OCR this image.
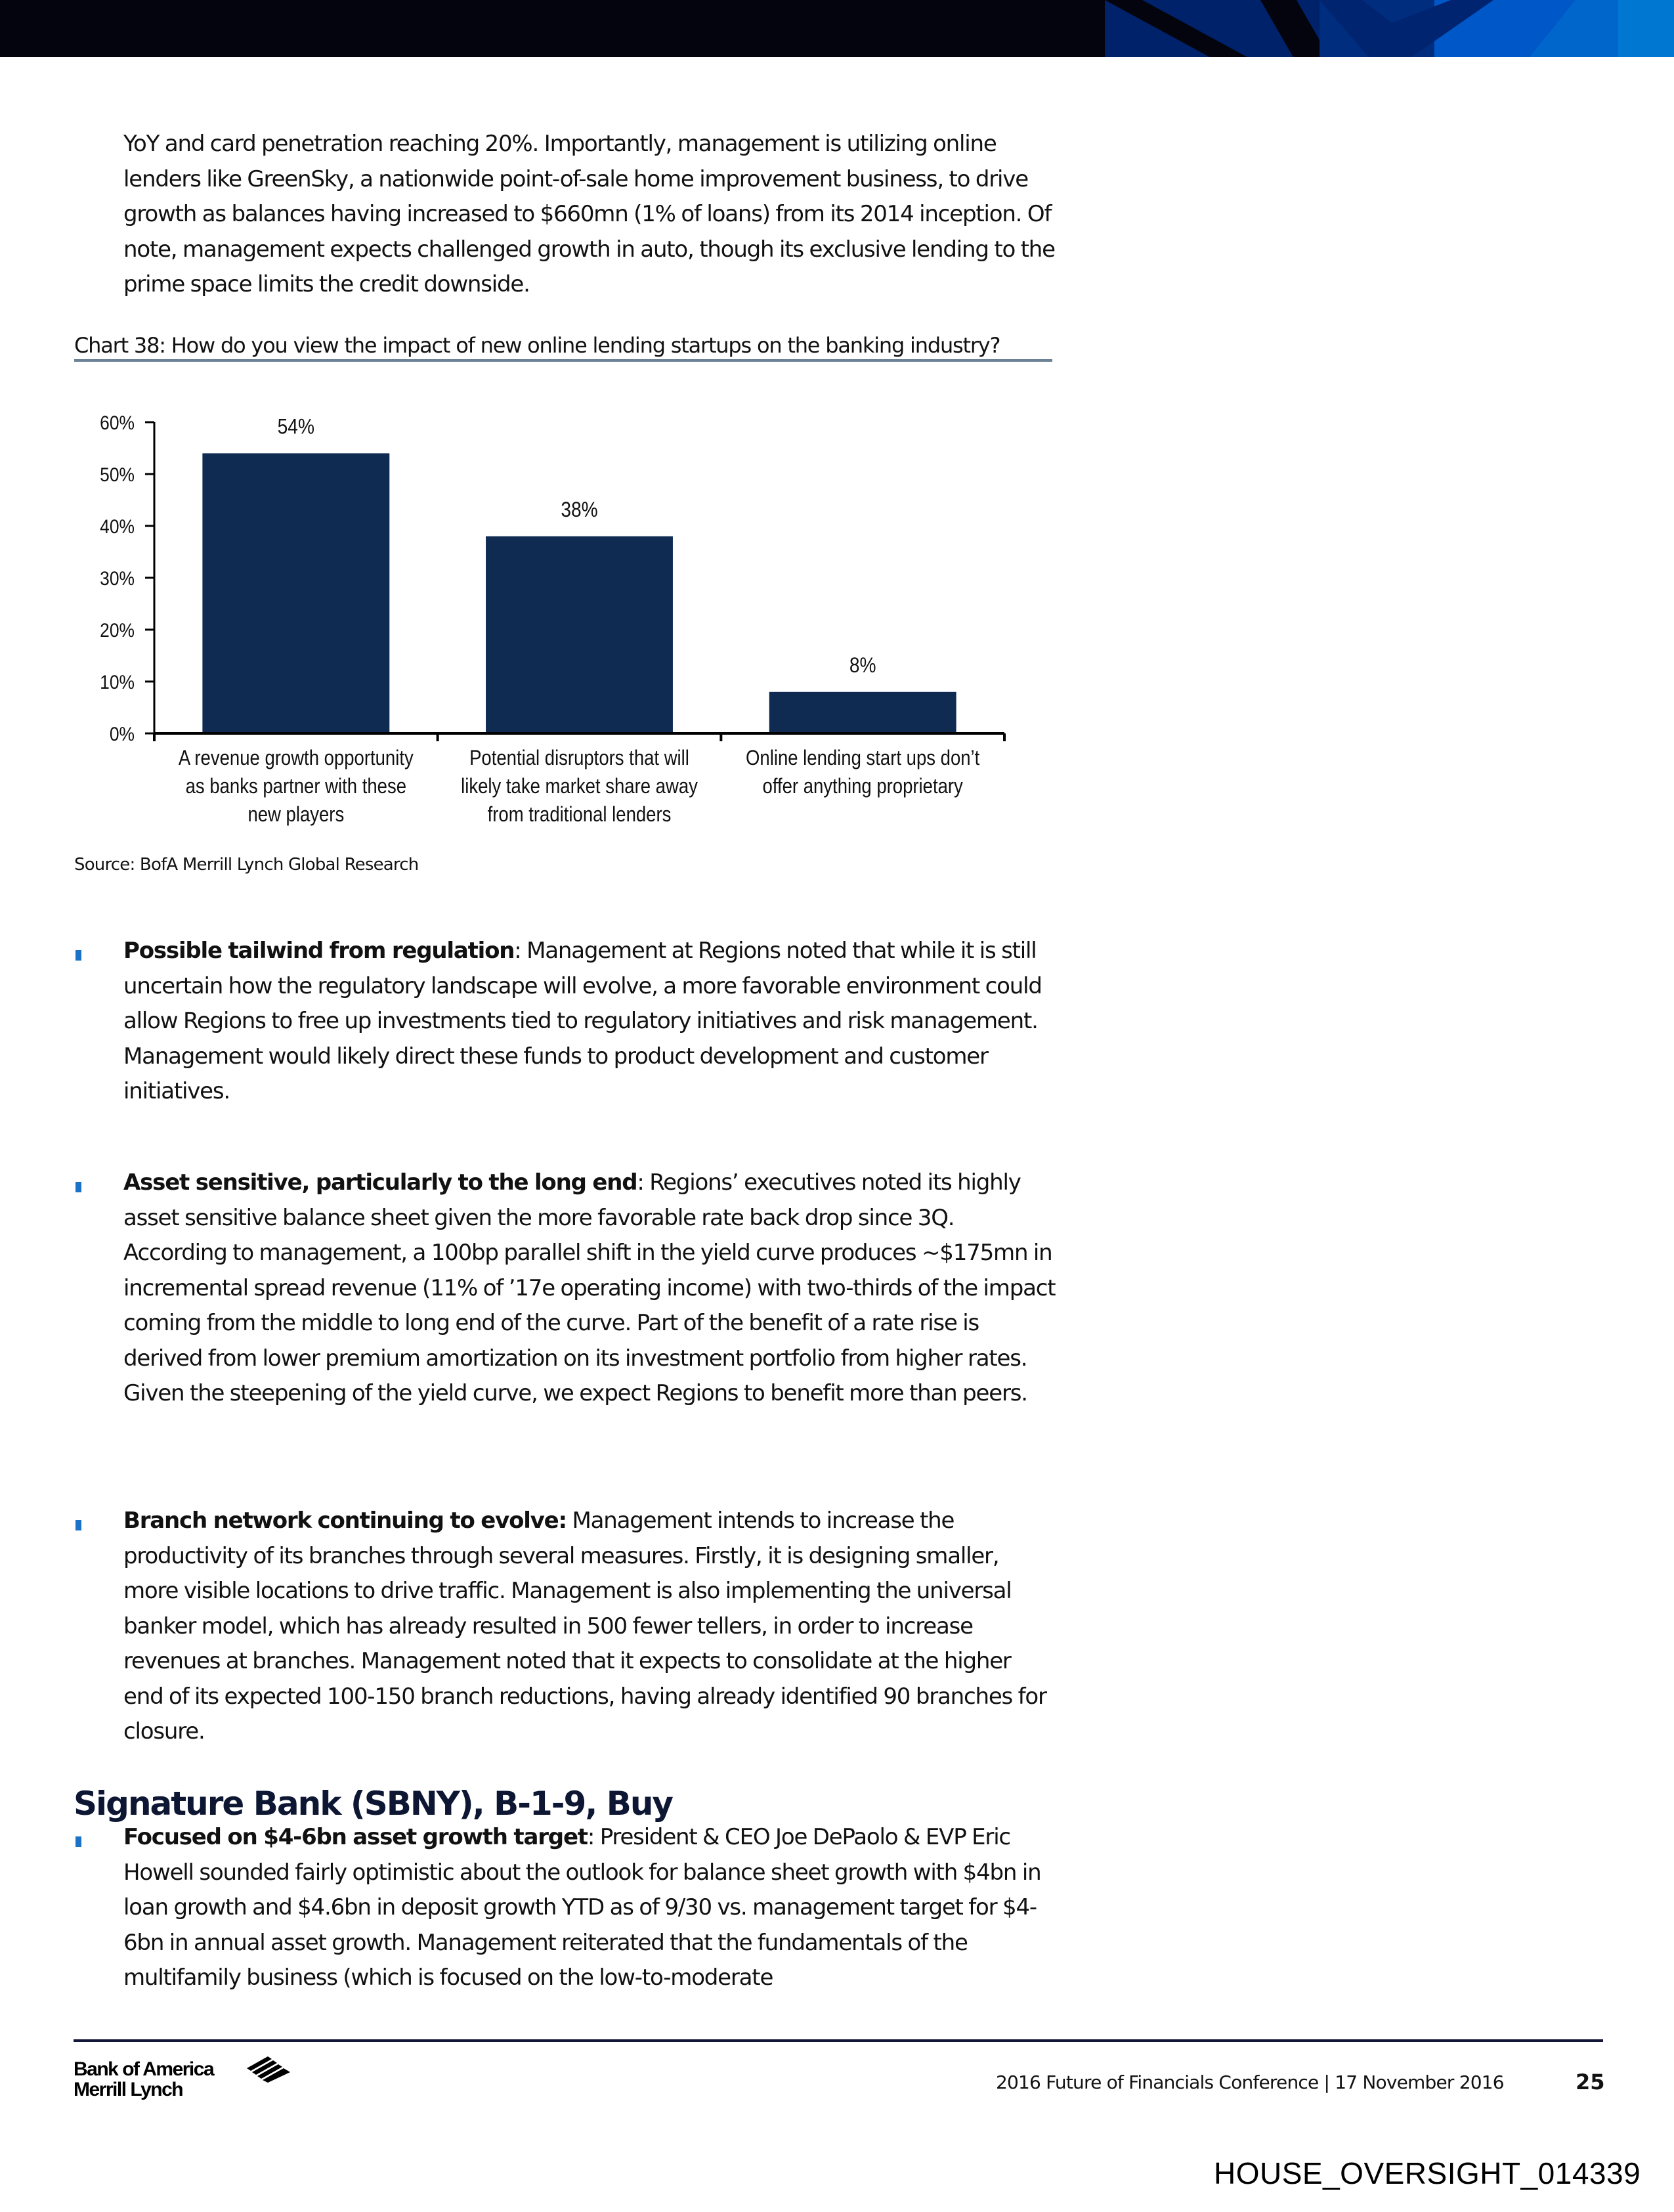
YoY and card penetration reaching 20%. Importantly, management is utilizing online lenders like GreenSky, a nationwide point-of-sale home improvement business, to drive growth as balances having increased to $660mn (1% of loans) from its 2014 inception. Of note, management expects challenged growth in auto, though its exclusive lending to the prime space limits the credit downside.
Chart 38: How do you view the impact of new online lending startups on the banking industry?
0%
10%
20%
30%
40%
50%
60%	54%
38%
8%
A revenue growth opportunity as banks partner with these new players
Potential disruptors that will likely take market share away from traditional lenders
Online lending start ups don’t offer anything proprietary
Source: BofA Merrill Lynch Global Research
Possible tailwind from regulation: Management at Regions noted that while it is still uncertain how the regulatory landscape will evolve, a more favorable environment could allow Regions to free up investments tied to regulatory initiatives and risk management. Management would likely direct these funds to product development and customer initiatives.
Asset sensitive, particularly to the long end: Regions’ executives noted its highly asset sensitive balance sheet given the more favorable rate back drop since 3Q. According to management, a 100bp parallel shift in the yield curve produces ~$175mn in incremental spread revenue (11% of ’17e operating income) with two-thirds of the impact coming from the middle to long end of the curve. Part of the benefit of a rate rise is derived from lower premium amortization on its investment portfolio from higher rates. Given the steepening of the yield curve, we expect Regions to benefit more than peers.
Branch network continuing to evolve: Management intends to increase the productivity of its branches through several measures. Firstly, it is designing smaller, more visible locations to drive traffic. Management is also implementing the universal banker model, which has already resulted in 500 fewer tellers, in order to increase revenues at branches. Management noted that it expects to consolidate at the higher end of its expected 100-150 branch reductions, having already identified 90 branches for closure.
Signature Bank (SBNY), B-1-9, Buy
Focused on $4-6bn asset growth target: President & CEO Joe DePaolo & EVP Eric Howell sounded fairly optimistic about the outlook for balance sheet growth with $4bn in loan growth and $4.6bn in deposit growth YTD as of 9/30 vs. management target for $4-6bn in annual asset growth. Management reiterated that the fundamentals of the multifamily business (which is focused on the low-to-moderate
Bank of America
Merrill Lynch	2016 Future of Financials Conference | 17 November 2016	25
HOUSE_OVERSIGHT_014339
